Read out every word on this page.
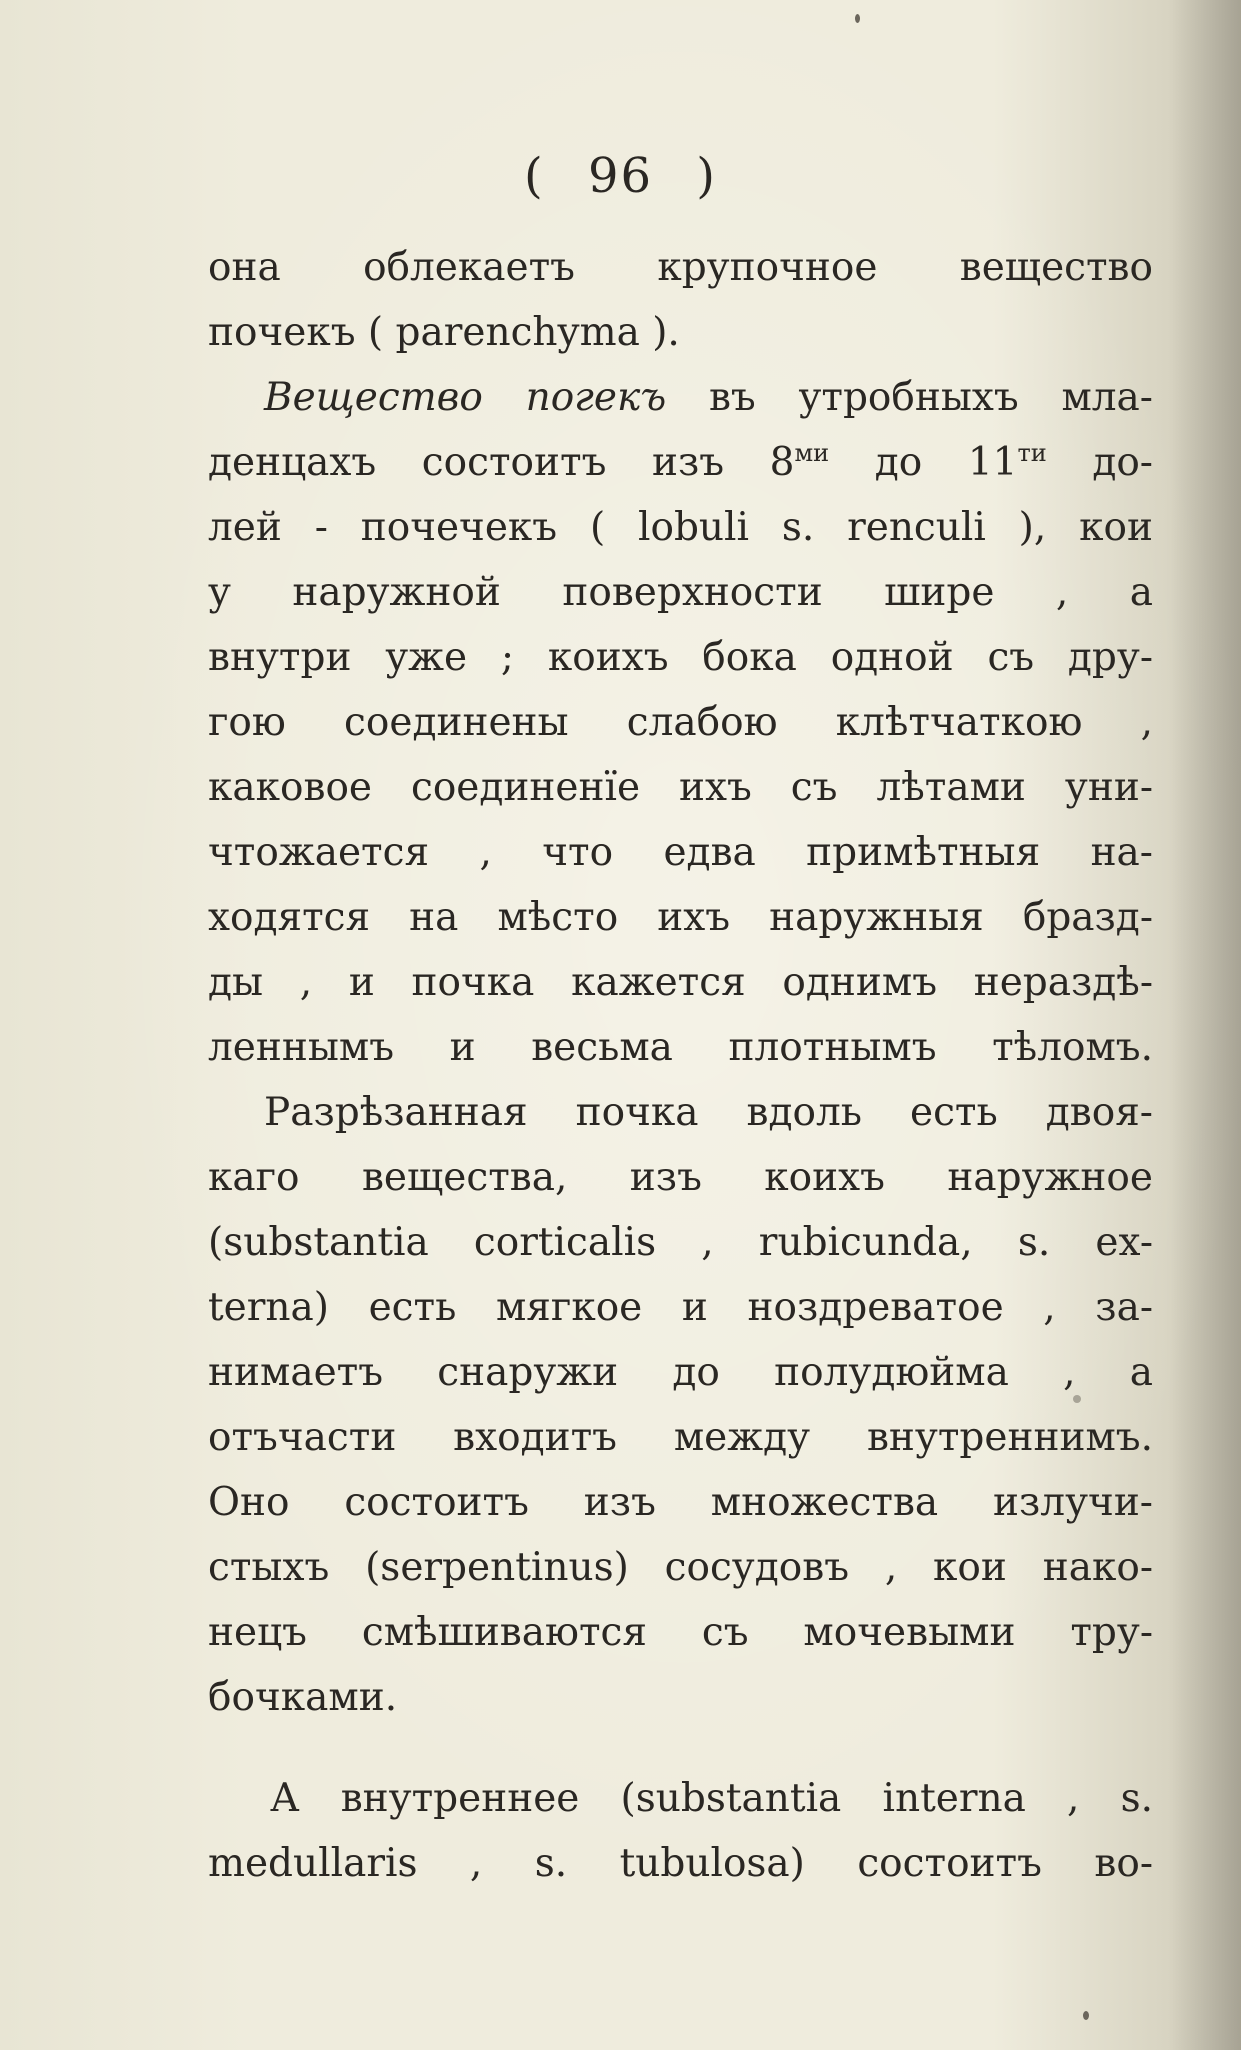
( 96 )
она облекаетъ крупочное вещество
почекъ ( parenchyma ).
Вещество погекъ въ утробныхъ мла-
денцахъ состоитъ изъ $8^{ми}$ до $11^{ти}$ до-
лей - почечекъ ( lobuli s. renculi ), кои
у наружной поверхности шире , а
внутри уже ; коихъ бока одной съ дру-
гою соединены слабою клѣтчаткою ,
каковое соединенїе ихъ съ лѣтами уни-
чтожается , что едва примѣтныя на-
ходятся на мѣсто ихъ наружныя бразд-
ды , и почка кажется однимъ нераздѣ-
леннымъ и весьма плотнымъ тѣломъ.
Разрѣзанная почка вдоль есть двоя-
каго вещества, изъ коихъ наружное
(substantia corticalis , rubicunda, s. ex-
terna) есть мягкое и ноздреватое , за-
нимаетъ снаружи до полудюйма , а
отъчасти входитъ между внутреннимъ.
Оно состоитъ изъ множества излучи-
стыхъ (serpentinus) сосудовъ , кои нако-
нецъ смѣшиваются съ мочевыми тру-
бочками.
А внутреннее (substantia interna , s.
medullaris , s. tubulosa) состоитъ во-
